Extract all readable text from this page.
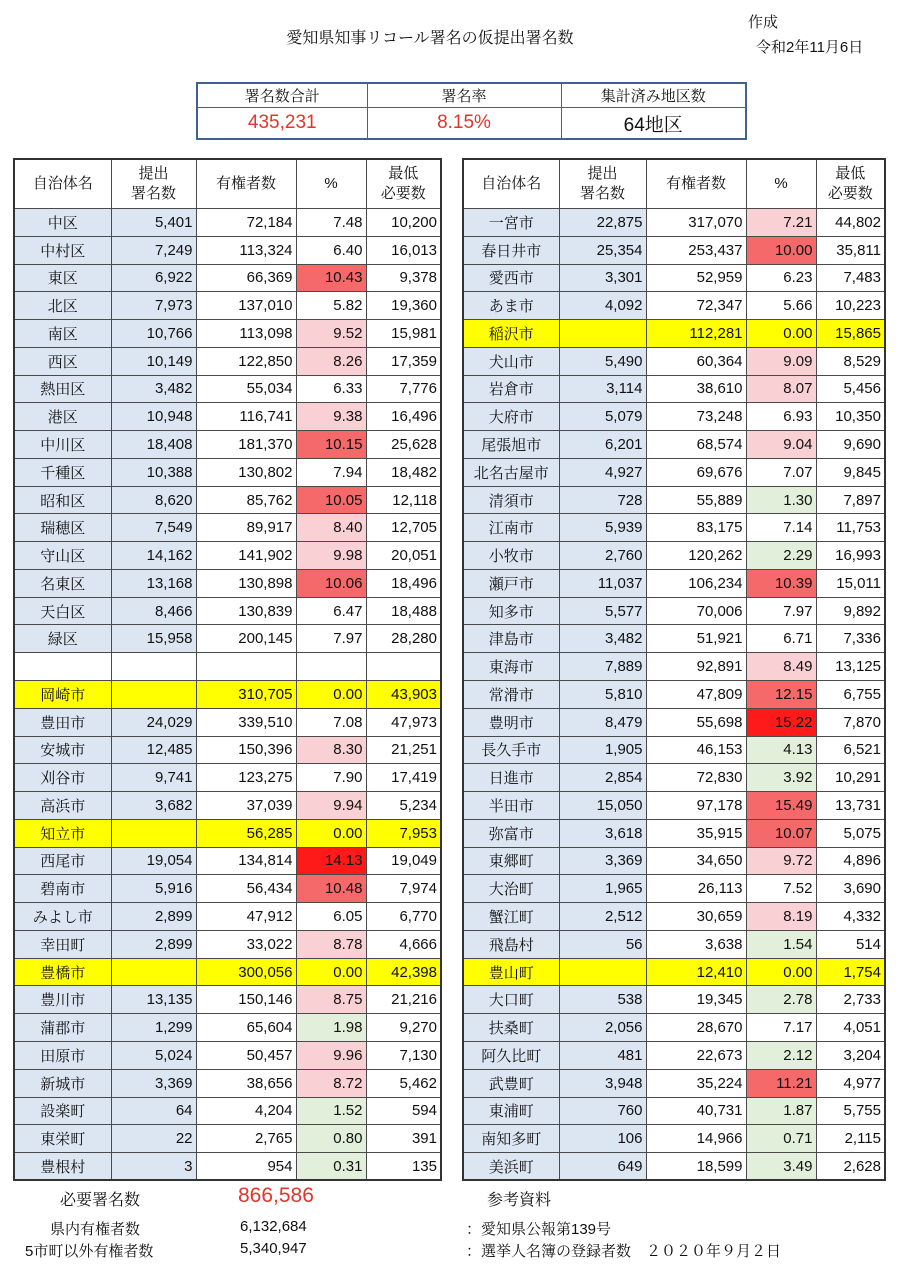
愛知県知事リコール署名の仮提出署名数
作成
令和2年11月6日
署名数合計	署名率	集計済み地区数
435,231	8.15%	64地区
自治体名	提出
署名数	有権者数	%	最低
必要数
中区	5,401	72,184	7.48	10,200
中村区	7,249	113,324	6.40	16,013
東区	6,922	66,369	10.43	9,378
北区	7,973	137,010	5.82	19,360
南区	10,766	113,098	9.52	15,981
西区	10,149	122,850	8.26	17,359
熱田区	3,482	55,034	6.33	7,776
港区	10,948	116,741	9.38	16,496
中川区	18,408	181,370	10.15	25,628
千種区	10,388	130,802	7.94	18,482
昭和区	8,620	85,762	10.05	12,118
瑞穂区	7,549	89,917	8.40	12,705
守山区	14,162	141,902	9.98	20,051
名東区	13,168	130,898	10.06	18,496
天白区	8,466	130,839	6.47	18,488
緑区	15,958	200,145	7.97	28,280

岡崎市		310,705	0.00	43,903
豊田市	24,029	339,510	7.08	47,973
安城市	12,485	150,396	8.30	21,251
刈谷市	9,741	123,275	7.90	17,419
高浜市	3,682	37,039	9.94	5,234
知立市		56,285	0.00	7,953
西尾市	19,054	134,814	14.13	19,049
碧南市	5,916	56,434	10.48	7,974
みよし市	2,899	47,912	6.05	6,770
幸田町	2,899	33,022	8.78	4,666
豊橋市		300,056	0.00	42,398
豊川市	13,135	150,146	8.75	21,216
蒲郡市	1,299	65,604	1.98	9,270
田原市	5,024	50,457	9.96	7,130
新城市	3,369	38,656	8.72	5,462
設楽町	64	4,204	1.52	594
東栄町	22	2,765	0.80	391
豊根村	3	954	0.31	135
自治体名	提出
署名数	有権者数	%	最低
必要数
一宮市	22,875	317,070	7.21	44,802
春日井市	25,354	253,437	10.00	35,811
愛西市	3,301	52,959	6.23	7,483
あま市	4,092	72,347	5.66	10,223
稲沢市		112,281	0.00	15,865
犬山市	5,490	60,364	9.09	8,529
岩倉市	3,114	38,610	8.07	5,456
大府市	5,079	73,248	6.93	10,350
尾張旭市	6,201	68,574	9.04	9,690
北名古屋市	4,927	69,676	7.07	9,845
清須市	728	55,889	1.30	7,897
江南市	5,939	83,175	7.14	11,753
小牧市	2,760	120,262	2.29	16,993
瀬戸市	11,037	106,234	10.39	15,011
知多市	5,577	70,006	7.97	9,892
津島市	3,482	51,921	6.71	7,336
東海市	7,889	92,891	8.49	13,125
常滑市	5,810	47,809	12.15	6,755
豊明市	8,479	55,698	15.22	7,870
長久手市	1,905	46,153	4.13	6,521
日進市	2,854	72,830	3.92	10,291
半田市	15,050	97,178	15.49	13,731
弥富市	3,618	35,915	10.07	5,075
東郷町	3,369	34,650	9.72	4,896
大治町	1,965	26,113	7.52	3,690
蟹江町	2,512	30,659	8.19	4,332
飛島村	56	3,638	1.54	514
豊山町		12,410	0.00	1,754
大口町	538	19,345	2.78	2,733
扶桑町	2,056	28,670	7.17	4,051
阿久比町	481	22,673	2.12	3,204
武豊町	3,948	35,224	11.21	4,977
東浦町	760	40,731	1.87	5,755
南知多町	106	14,966	0.71	2,115
美浜町	649	18,599	3.49	2,628
必要署名数	866,586
県内有権者数	6,132,684
5市町以外有権者数	5,340,947
参考資料
：愛知県公報第139号
：選挙人名簿の登録者数　２０２０年９月２日
